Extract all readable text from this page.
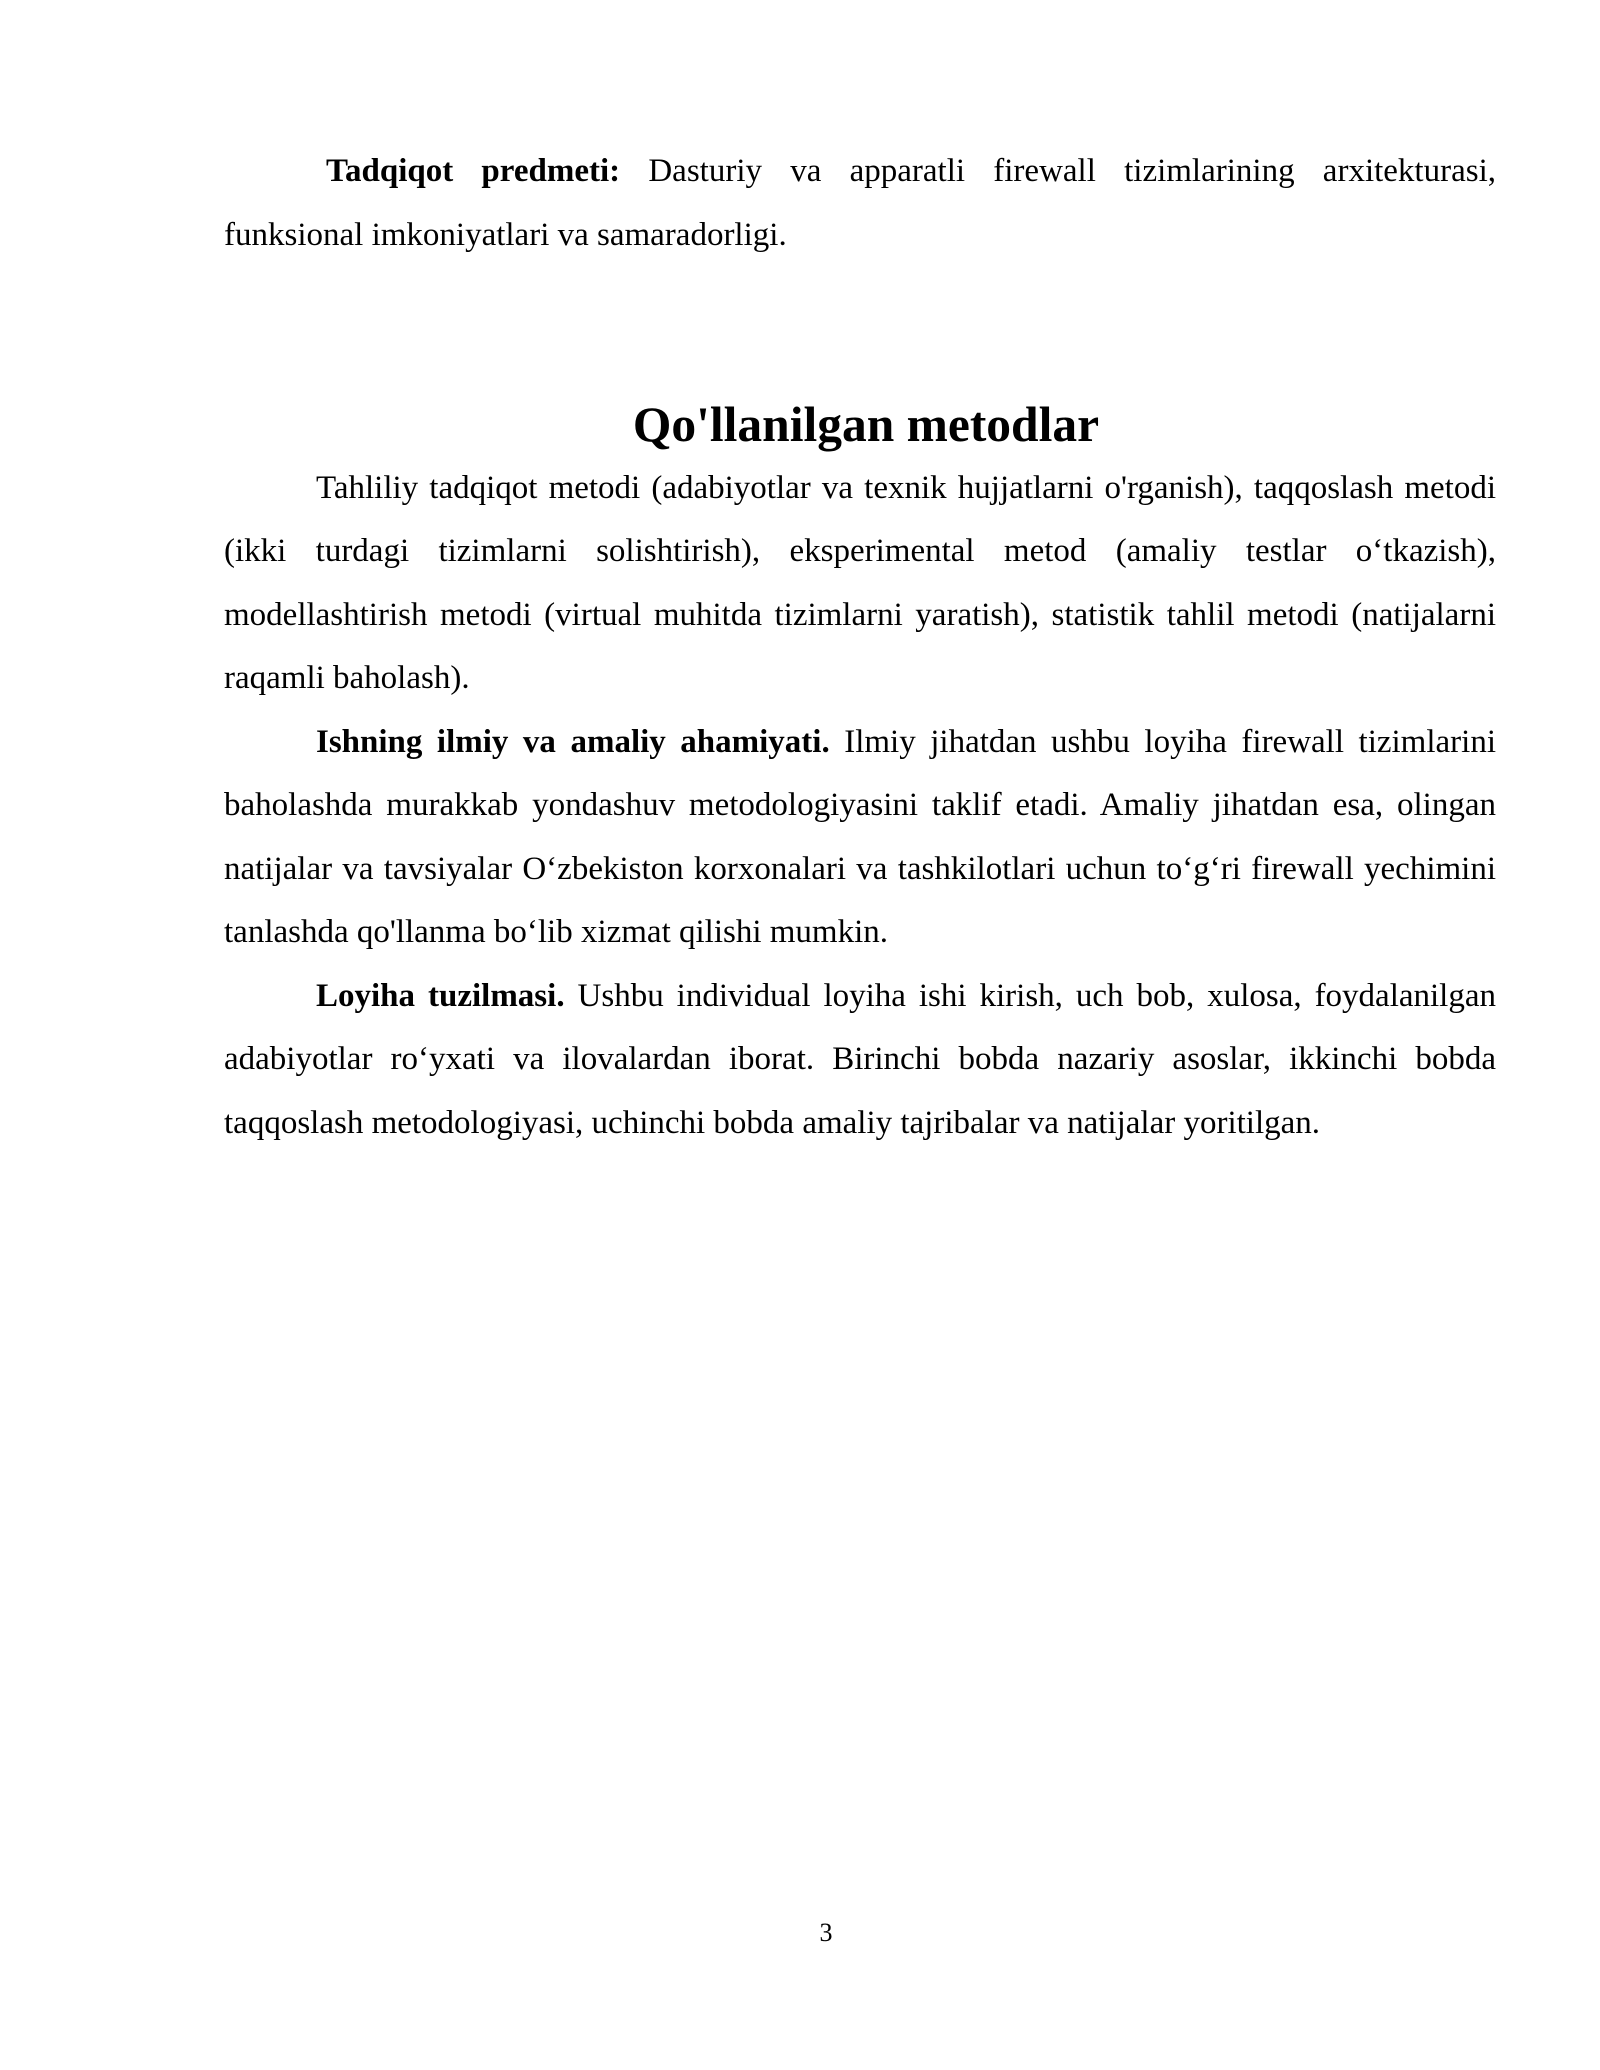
Tadqiqot predmeti: Dasturiy va apparatli firewall tizimlarining arxitekturasi, funksional imkoniyatlari va samaradorligi.

Qo'llanilgan metodlar

Tahliliy tadqiqot metodi (adabiyotlar va texnik hujjatlarni o'rganish), taqqoslash metodi (ikki turdagi tizimlarni solishtirish), eksperimental metod (amaliy testlar o‘tkazish), modellashtirish metodi (virtual muhitda tizimlarni yaratish), statistik tahlil metodi (natijalarni raqamli baholash).

Ishning ilmiy va amaliy ahamiyati. Ilmiy jihatdan ushbu loyiha firewall tizimlarini baholashda murakkab yondashuv metodologiyasini taklif etadi. Amaliy jihatdan esa, olingan natijalar va tavsiyalar O‘zbekiston korxonalari va tashkilotlari uchun to‘g‘ri firewall yechimini tanlashda qo'llanma bo‘lib xizmat qilishi mumkin.

Loyiha tuzilmasi. Ushbu individual loyiha ishi kirish, uch bob, xulosa, foydalanilgan adabiyotlar ro‘yxati va ilovalardan iborat. Birinchi bobda nazariy asoslar, ikkinchi bobda taqqoslash metodologiyasi, uchinchi bobda amaliy tajribalar va natijalar yoritilgan.

3
